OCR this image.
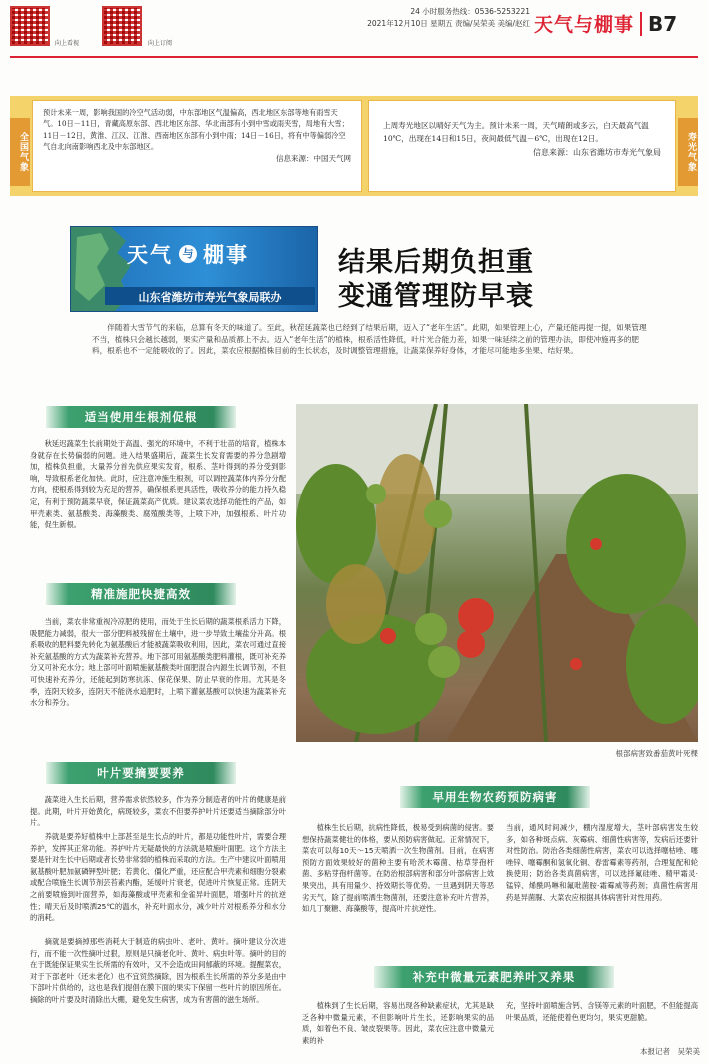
向上看视	向上订阅
24 小时服务热线：0536-5253221
2021年12月10日 星期五 责编/吴荣美 美编/赵红 天气与棚事 B7
全国气象
预计未来一周，影响我国的冷空气活动弱，中东部地区气温偏高，西北地区东部等地有雨雪天气。10日－11日，青藏高原东部、西北地区东部、华北南部有小到中雪或雨夹雪，局地有大雪；11日－12日，黄淮、江汉、江淮、西南地区东部有小到中雨；14日－16日，将有中等偏弱冷空气自北向南影响西北及中东部地区。
信息来源：中国天气网
上周寿光地区以晴好天气为主。预计未来一周，天气晴朗或多云，白天最高气温10℃，出现在14日和15日，夜间最低气温－6℃，出现在12日。
信息来源：山东省潍坊市寿光气象局	寿光气象
天气 与 棚事
山东省潍坊市寿光气象局联办
结果后期负担重
变通管理防早衰
伴随着大雪节气的来临，总算有冬天的味道了。至此，秋茬延蔬菜也已经到了结果后期，迈入了“老年生活”。此期，如果管理上心，产量还能再提一提，如果管理不当，植株只会越长越弱，果实产量和品质都上不去。迈入“老年生活”的植株，根系活性降低，叶片光合能力差，如果一味延续之前的管理办法，即使冲施再多的肥料，根系也不一定能吸收的了。因此，菜农应根据植株目前的生长状态，及时调整管理措施，让蔬菜保养好身体，才能尽可能地多坐果、结好果。
适当使用生根剂促根
秋延迟蔬菜生长前期处于高温、强光的环境中，不利于壮苗的培育，植株本身就存在长势偏弱的问题。进入结果盛期后，蔬菜生长发育需要的养分急剧增加，植株负担重，大量养分首先供应果实发育，根系、茎叶得到的养分受到影响，导致根系老化加快。此时，应注意冲施生根剂，可以调控蔬菜体内养分分配方向，使根系得到较为充足的营养，确保根系更具活性，吸收养分的能力持久稳定，有利于预防蔬菜早衰，保证蔬菜高产优质。建议菜农选择功能性的产品，如甲壳素类、氨基酸类、海藻酸类、腐殖酸类等，上喷下冲，加强根系、叶片功能，促生新根。
精准施肥快捷高效
当前，菜农非常重视冷凉肥的使用，而处于生长后期的蔬菜根系活力下降，吸肥能力减弱，很大一部分肥料被残留在土壤中，进一步导致土壤盐分升高。根系吸收的肥料要先转化为氨基酸后才能被蔬菜吸收利用，因此，菜农可通过直接补充氨基酸的方式为蔬菜补充营养。地下部可用氨基酸类肥料灌根，既可补充养分又可补充水分；地上部可叶面喷施氨基酸类叶面肥混合内源生长调节剂，不但可快速补充养分，还能起到防寒抗冻、保花保果、防止早衰的作用。尤其是冬季，连阴天较多，连阴天不能浇水追肥时，上喷下灌氨基酸可以快速为蔬菜补充水分和养分。
叶片要摘要要养
蔬菜进入生长后期，营养需求依然较多，作为养分制造者的叶片的健康是前提。此期，叶片开始黄化，病斑较多，菜农不但要养护叶片还要适当摘除部分叶片。
养就是要养好植株中上部甚至是生长点的叶片，都是功能性叶片，需要合理养护，发挥其正常功能。养护叶片无疑最快的方法就是喷施叶面肥。这个方法主要是针对生长中后期或者长势非常弱的植株而采取的方法。生产中建议叶面喷用氨基酸叶肥加氨磷钾型叶肥；若黄化、僵化严重，还应配合甲壳素和细胞分裂素或配合喷施生长调节剂芸苔素内酯，延缓叶片衰老，促进叶片恢复正常。连阴天之前要喷施到叶面营养，如海藻酸或甲壳素和金雀异叶面肥，增强叶片的抗逆性；晴天后及时喷洒25℃的温水，补充叶面水分，减少叶片对根系养分和水分的消耗。
摘就是要摘掉那些消耗大于制造的病虫叶、老叶、黄叶。摘叶建议分次进行，而不能一次性摘叶过狠，原则是只摘老化叶、黄叶、病虫叶等。摘叶的目的在于既能保证果实生长所需的有效叶，又不会造成田间郁蔽的环境。提醒菜农，对于下部老叶（还未老化）也不宜贸然摘除，因为根系生长所需的养分多是由中下部叶片供给的，这也是我们提倡在膜下面的果实下保留一些叶片的原因所在。摘除的叶片要及时清除出大棚，避免发生病害，成为有害菌的滋生场所。
根部病害致番茄黄叶死棵
早用生物农药预防病害
植株生长后期，抗病性降低，极易受到病菌的侵害。要想保持蔬菜健壮的体格，要从预防病害做起。正常情况下，菜农可以每10天～15天喷洒一次生物菌剂。目前，在病害预防方面效果较好的菌种主要有哈茨木霉菌、枯草芽孢杆菌、多粘芽孢杆菌等。在防治根部病害和部分叶部病害上效果突出，具有用量少、持效期长等优势。一旦遇到阴天等恶劣天气，除了提前喷洒生物菌剂，还要注意补充叶片营养，如几丁聚糖、海藻酸等，提高叶片抗逆性。
当前，通风时间减少，棚内湿度增大，茎叶部病害发生较多，如各种斑点病、灰霉病、细菌性病害等，发病后还要针对性防治。防治各类细菌性病害，菜农可以选择噻枯唑、噻唑锌、噻霉酮和氢氧化铜、春雷霉素等药剂，合理复配和轮换使用；防治各类真菌病害，可以选择氟硅唑、精甲霜灵·锰锌、烯酰吗啉和氟吡菌胺·霜霉威等药剂；真菌性病害用药是异菌脲、大菜农应根据具体病害针对性用药。
补充中微量元素肥养叶又养果
植株到了生长后期，容易出现各种缺素症状，尤其是缺乏各种中微量元素，不但影响叶片生长，还影响果实的品质，如着色不良、皱皮裂果等。因此，菜农应注意中微量元素的补
充，坚持叶面喷施含钙、含镁等元素的叶面肥，不但能提高叶果品质，还能使着色更均匀，果实更甜脆。
本报记者　吴荣美
